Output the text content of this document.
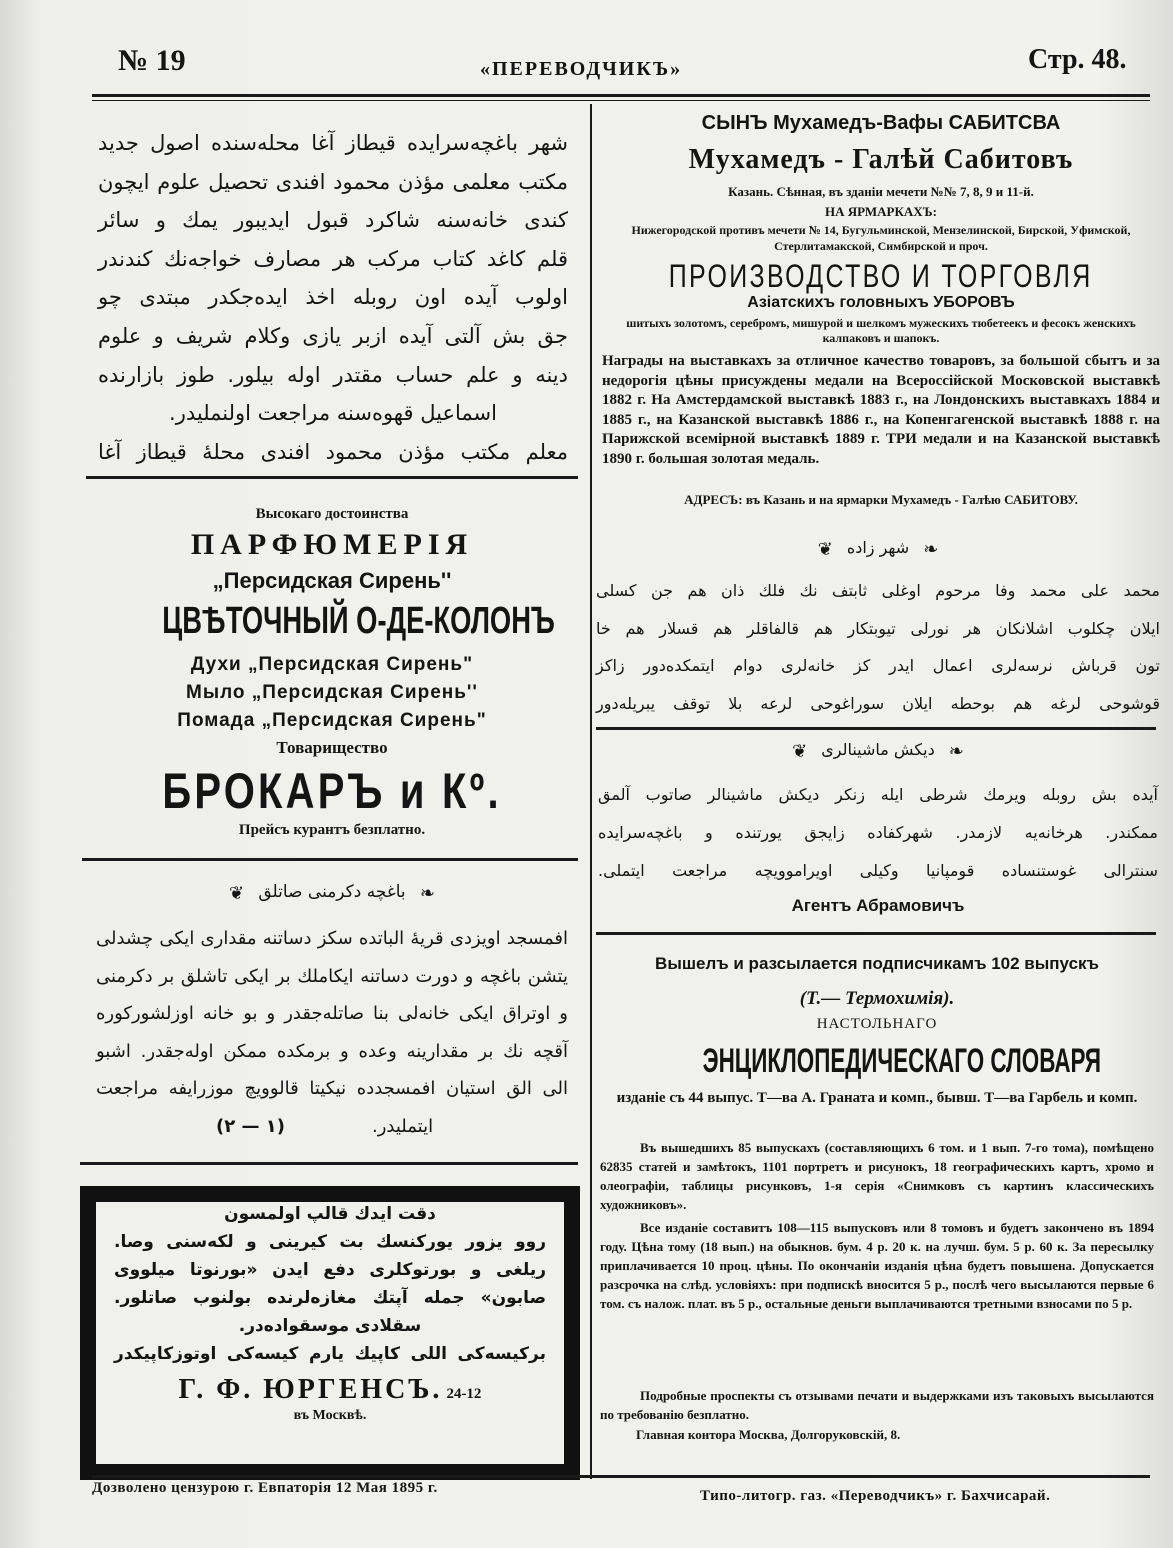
№ 19	«ПЕРЕВОДЧИКЪ»	Стр. 48.
شهر باغچه‌سرایده قیطاز آغا محله‌سنده اصول جدید
مکتب معلمی مؤذن محمود افندی تحصیل علوم ایچون
کندی خانه‌سنه شاکرد قبول ایدیبور یمك و سائر
قلم کاغد کتاب مرکب هر مصارف خواجه‌نك کندندر
اولوب آیده اون روبله اخذ ایده‌جکدر مبتدی چو
جق بش آلتی آیده ازبر یازی وکلام شریف و علوم
دینه و علم حساب مقتدر اوله بیلور. طوز بازارنده
اسماعیل قهوه‌سنه مراجعت اولنملیدر.
معلم مکتب مؤذن محمود افندی محلهٔ قیطاز آغا
Высокаго достоинства
ПАРФЮМЕРІЯ
„Персидская Сирень''
ЦВѢТОЧНЫЙ О-ДЕ-КОЛОНЪ
Духи „Персидская Сирень"
Мыло „Персидская Сирень''
Помада „Персидская Сирень"
Товарищество
БРОКАРЪ и Кº.
Прейсъ курантъ безплатно.
❦ باغچه دکرمنی صاتلق ❧
افمسجد اویزدی قریهٔ الباتده سکز دساتنه مقداری ایکی چشدلی
یتشن باغچه و دورت دساتنه ایکاملك بر ایکی تاشلق بر دکرمنی
و اوتراق ایکی خانه‌لی بنا صاتله‌جقدر و بو خانه اوزلشورکوره
آقچه نك بر مقدارینه وعده و برمکده ممکن اوله‌جقدر. اشبو
الی الق استیان افمسجدده نیکیتا قالوویچ موزرایفه مراجعت
ایتملیدر.
(۲ — ۱)
دقت ایدك قالپ اولمسون
روو یزور یورکنسك بت کیرینی و لکه‌سنی وصا.
ریلغی و بورتوکلری دفع ایدن «بورنوتا میلووی
صابون» جمله آپتك مغازه‌لرنده بولنوب صاتلور.
سقلادی موسقواده‌در.
برکیسه‌کی اللی کاپیك یارم کیسه‌کی اوتوزکاپیکدر
Г. Ф. ЮРГЕНСЪ. 24-12
въ Москвѣ.
СЫНЪ Мухамедъ-Вафы САБИТСВА
Мухамедъ - Галѣй Сабитовъ
Казань. Сѣнная, въ зданіи мечети №№ 7, 8, 9 и 11-й.
НА ЯРМАРКАХЪ:
Нижегородской противъ мечети № 14, Бугульминской, Мензелинской, Бирской, Уфимской, Стерлитамакской, Симбирской и проч.
ПРОИЗВОДСТВО И ТОРГОВЛЯ
Азіатскихъ головныхъ УБОРОВЪ
шитыхъ золотомъ, серебромъ, мишурой и шелкомъ мужескихъ тюбетеекъ и фесокъ женскихъ калпаковъ и шапокъ.
Награды на выставкахъ за отличное качество товаровъ, за большой сбытъ и за недорогія цѣны присуждены медали на Всероссійской Московской выставкѣ 1882 г. На Амстердамской выставкѣ 1883 г., на Лондонскихъ выставкахъ 1884 и 1885 г., на Казанской выставкѣ 1886 г., на Копенгагенской выставкѣ 1888 г. на Парижской всемірной выставкѣ 1889 г. ТРИ медали и на Казанской выставкѣ 1890 г. большая золотая медаль.
АДРЕСЪ: въ Казань и на ярмарки Мухамедъ - Галѣю САБИТОВУ.
❦ شهر زاده ❧
محمد علی محمد وفا مرحوم اوغلی ثابتف نك فلك ذان هم جن كسلى
ايلان چكلوب اشلانكان هر نورلى تيوبتكار هم قالفاقلر هم قسلار هم خا
تون قرباش نرسه‌لرى اعمال ايدر كز خانه‌لرى دوام ايتمكده‌دور زاكز
قوشوحى لرغه هم بوحطه ايلان سوراغوحى لرعه بلا توقف يبريله‌دور
❦ دیکش ماشینالری ❧
آیده بش روبله ویرمك شرطی ایله زنکر دیکش ماشینالر صاتوب آلمق
ممکندر. هرخانه‌یه لازمدر. شهرکفاده زایجق یورتنده و باغچه‌سرایده
سنترالی غوستنساده قومپانیا وکیلی اویراموویچه مراجعت ایتملی.
Агентъ Абрамовичъ
Вышелъ и разсылается подписчикамъ 102 выпускъ
(Т.— Термохимія).
НАСТОЛЬНАГО
ЭНЦИКЛОПЕДИЧЕСКАГО СЛОВАРЯ
изданіе съ 44 выпус. Т—ва А. Граната и комп., бывш. Т—ва Гарбель и комп.
Въ вышедшихъ 85 выпускахъ (составляющихъ 6 том. и 1 вып. 7-го тома), помѣщено 62835 статей и замѣтокъ, 1101 портретъ и рисунокъ, 18 географическихъ картъ, хромо и олеографіи, таблицы рисунковъ, 1-я серія «Снимковъ съ картинъ классическихъ художниковъ».
Все изданіе составитъ 108—115 выпусковъ или 8 томовъ и будетъ закончено въ 1894 году. Цѣна тому (18 вып.) на обыкнов. бум. 4 р. 20 к. на лучш. бум. 5 р. 60 к. За пересылку приплачивается 10 проц. цѣны. По окончаніи изданія цѣна будетъ повышена. Допускается разсрочка на слѣд. условіяхъ: при подпискѣ вносится 5 р., послѣ чего высылаются первые 6 том. съ налож. плат. въ 5 р., остальные деньги выплачиваются третными взносами по 5 р.
Подробные проспекты съ отзывами печати и выдержками изъ таковыхъ высылаются по требованію безплатно.
Главная контора Москва, Долгоруковскій, 8.
Дозволено цензурою г. Евпаторія 12 Мая 1895 г.	Типо-литогр. газ. «Переводчикъ» г. Бахчисарай.
